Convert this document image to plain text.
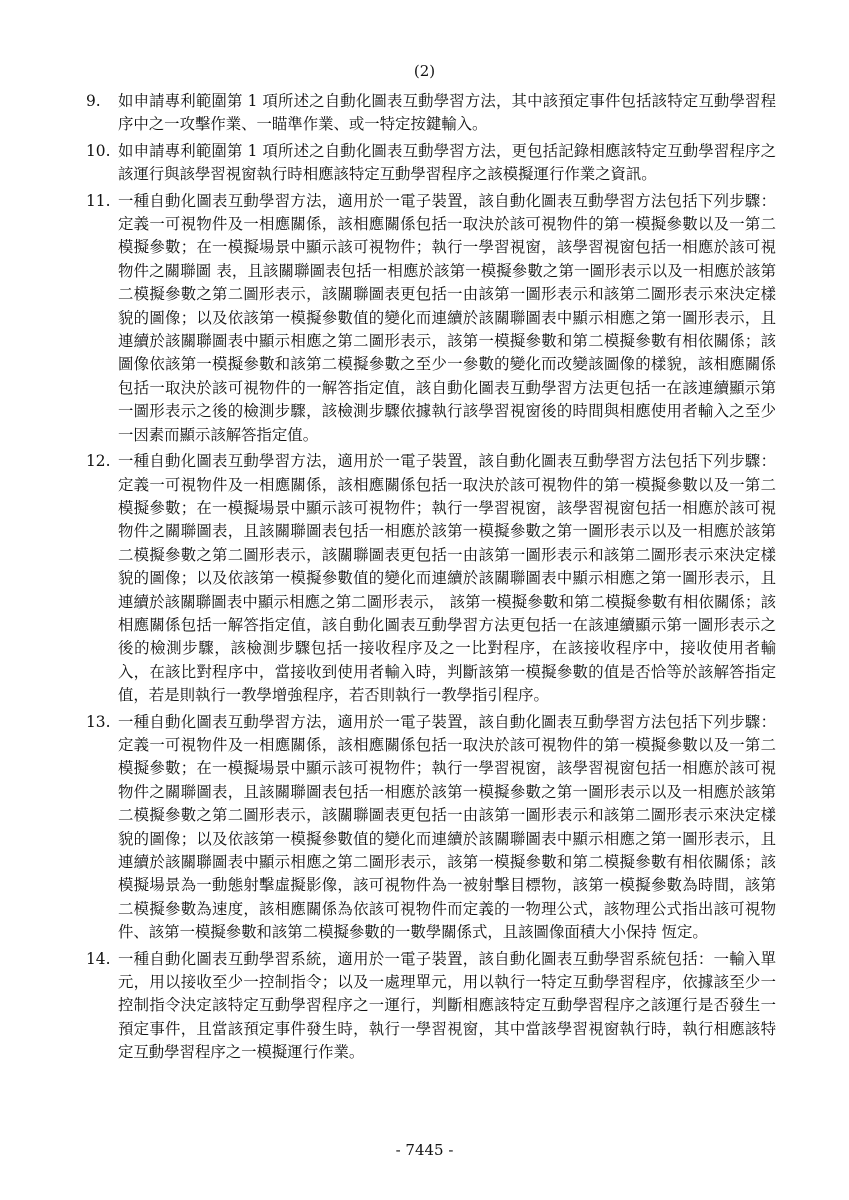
(2)
9.	如申請專利範圍第 1 項所述之自動化圖表互動學習方法，其中該預定事件包括該特定互動學習程序中之一攻擊作業、一瞄準作業、或一特定按鍵輸入。
10. 如申請專利範圍第 1 項所述之自動化圖表互動學習方法，更包括記錄相應該特定互動學習程序之該運行與該學習視窗執行時相應該特定互動學習程序之該模擬運行作業之資訊。
11. 一種自動化圖表互動學習方法，適用於一電子裝置，該自動化圖表互動學習方法包括下列步驟：定義一可視物件及一相應關係，該相應關係包括一取決於該可視物件的第一模擬參數以及一第二模擬參數；在一模擬場景中顯示該可視物件；執行一學習視窗，該學習視窗包括一相應於該可視物件之關聯圖 表，且該關聯圖表包括一相應於該第一模擬參數之第一圖形表示以及一相應於該第二模擬參數之第二圖形表示，該關聯圖表更包括一由該第一圖形表示和該第二圖形表示來決定樣貌的圖像；以及依該第一模擬參數值的變化而連續於該關聯圖表中顯示相應之第一圖形表示，且連續於該關聯圖表中顯示相應之第二圖形表示，該第一模擬參數和第二模擬參數有相依關係；該圖像依該第一模擬參數和該第二模擬參數之至少一參數的變化而改變該圖像的樣貌，該相應關係包括一取決於該可視物件的一解答指定值，該自動化圖表互動學習方法更包括一在該連續顯示第一圖形表示之後的檢測步驟，該檢測步驟依據執行該學習視窗後的時間與相應使用者輸入之至少一因素而顯示該解答指定值。
12. 一種自動化圖表互動學習方法，適用於一電子裝置，該自動化圖表互動學習方法包括下列步驟：定義一可視物件及一相應關係，該相應關係包括一取決於該可視物件的第一模擬參數以及一第二模擬參數；在一模擬場景中顯示該可視物件；執行一學習視窗，該學習視窗包括一相應於該可視物件之關聯圖表，且該關聯圖表包括一相應於該第一模擬參數之第一圖形表示以及一相應於該第二模擬參數之第二圖形表示，該關聯圖表更包括一由該第一圖形表示和該第二圖形表示來決定樣貌的圖像；以及依該第一模擬參數值的變化而連續於該關聯圖表中顯示相應之第一圖形表示，且連續於該關聯圖表中顯示相應之第二圖形表示， 該第一模擬參數和第二模擬參數有相依關係；該相應關係包括一解答指定值，該自動化圖表互動學習方法更包括一在該連續顯示第一圖形表示之後的檢測步驟，該檢測步驟包括一接收程序及之一比對程序，在該接收程序中，接收使用者輸入，在該比對程序中，當接收到使用者輸入時，判斷該第一模擬參數的值是否恰等於該解答指定值，若是則執行一教學增強程序，若否則執行一教學指引程序。
13. 一種自動化圖表互動學習方法，適用於一電子裝置，該自動化圖表互動學習方法包括下列步驟：定義一可視物件及一相應關係，該相應關係包括一取決於該可視物件的第一模擬參數以及一第二模擬參數；在一模擬場景中顯示該可視物件；執行一學習視窗，該學習視窗包括一相應於該可視物件之關聯圖表，且該關聯圖表包括一相應於該第一模擬參數之第一圖形表示以及一相應於該第二模擬參數之第二圖形表示，該關聯圖表更包括一由該第一圖形表示和該第二圖形表示來決定樣貌的圖像；以及依該第一模擬參數值的變化而連續於該關聯圖表中顯示相應之第一圖形表示，且連續於該關聯圖表中顯示相應之第二圖形表示，該第一模擬參數和第二模擬參數有相依關係；該模擬場景為一動態射擊虛擬影像，該可視物件為一被射擊目標物，該第一模擬參數為時間，該第二模擬參數為速度，該相應關係為依該可視物件而定義的一物理公式，該物理公式指出該可視物件、該第一模擬參數和該第二模擬參數的一數學關係式，且該圖像面積大小保持 恆定。
14. 一種自動化圖表互動學習系統，適用於一電子裝置，該自動化圖表互動學習系統包括：一輸入單元，用以接收至少一控制指令；以及一處理單元，用以執行一特定互動學習程序，依據該至少一控制指令決定該特定互動學習程序之一運行，判斷相應該特定互動學習程序之該運行是否發生一預定事件，且當該預定事件發生時，執行一學習視窗，其中當該學習視窗執行時，執行相應該特定互動學習程序之一模擬運行作業。
- 7445 -
